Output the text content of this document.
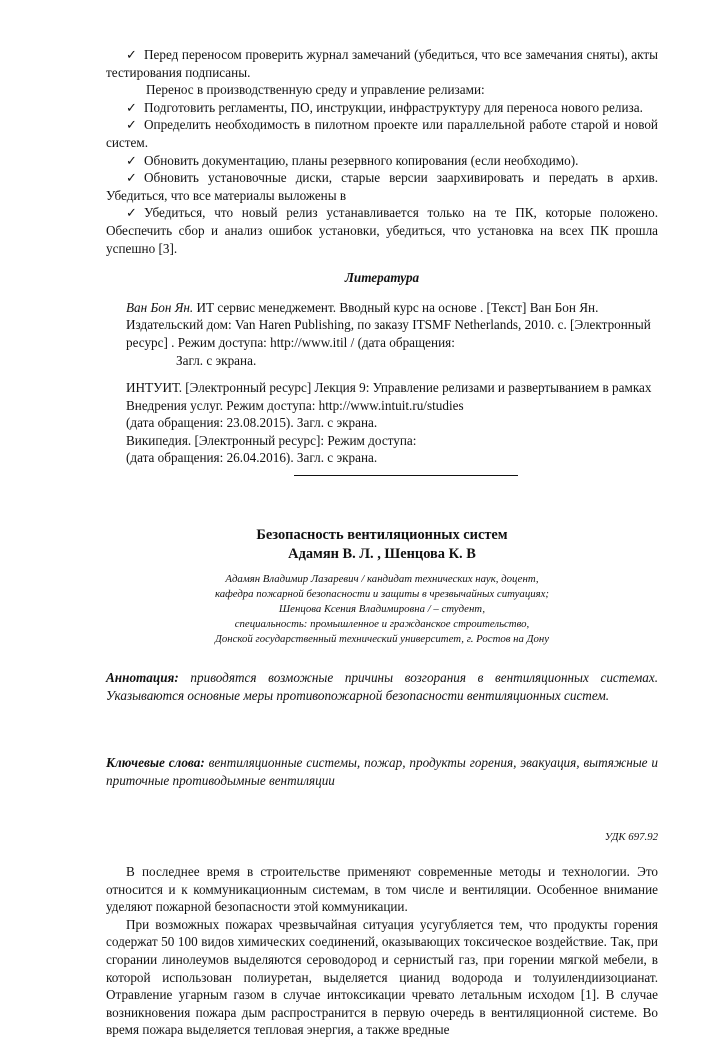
✓ Перед переносом проверить журнал замечаний (убедиться, что все замечания сняты), акты тестирования подписаны.

Перенос в производственную среду и управление релизами:

✓ Подготовить регламенты, ПО, инструкции, инфраструктуру для переноса нового релиза.

✓ Определить необходимость в пилотном проекте или параллельной работе старой и новой систем.

✓ Обновить документацию, планы резервного копирования (если необходимо).

✓ Обновить установочные диски, старые версии заархивировать и передать в архив. Убедиться, что все материалы выложены в

✓ Убедиться, что новый релиз устанавливается только на те ПК, которые положено. Обеспечить сбор и анализ ошибок установки, убедиться, что установка на всех ПК прошла успешно [3].

Литература

Ван Бон Ян. ИТ сервис менеджемент. Вводный курс на основе . [Текст] Ван Бон Ян. Издательский дом: Van Haren Publishing, по заказу ITSMF Netherlands, 2010. с. [Электронный ресурс] . Режим доступа: http://www.itil / (дата обращения:

Загл. с экрана.

ИНТУИТ. [Электронный ресурс] Лекция 9: Управление релизами и развертыванием в рамках Внедрения услуг. Режим доступа: http://www.intuit.ru/studies

(дата обращения: 23.08.2015). Загл. с экрана.

Википедия. [Электронный ресурс]: Режим доступа:

(дата обращения: 26.04.2016). Загл. с экрана.

Безопасность вентиляционных систем

Адамян В. Л. , Шенцова К. В

Адамян Владимир Лазаревич / кандидат технических наук, доцент,

кафедра пожарной безопасности и защиты в чрезвычайных ситуациях;

Шенцова Ксения Владимировна / – студент,

специальность: промышленное и гражданское строительство,

Донской государственный технический университет, г. Ростов на Дону

Аннотация: приводятся возможные причины возгорания в вентиляционных системах. Указываются основные меры противопожарной безопасности вентиляционных систем.

Ключевые слова: вентиляционные системы, пожар, продукты горения, эвакуация, вытяжные и приточные противодымные вентиляции

УДК 697.92

В последнее время в строительстве применяют современные методы и технологии. Это относится и к коммуникационным системам, в том числе и вентиляции. Особенное внимание уделяют пожарной безопасности этой коммуникации.

При возможных пожарах чрезвычайная ситуация усугубляется тем, что продукты горения содержат 50 100 видов химических соединений, оказывающих токсическое воздействие. Так, при сгорании линолеумов выделяются сероводород и сернистый газ, при горении мягкой мебели, в которой использован полиуретан, выделяется цианид водорода и толуилендиизоцианат. Отравление угарным газом в случае интоксикации чревато летальным исходом [1]. В случае возникновения пожара дым распространится в первую очередь в вентиляционной системе. Во время пожара выделяется тепловая энергия, а также вредные
